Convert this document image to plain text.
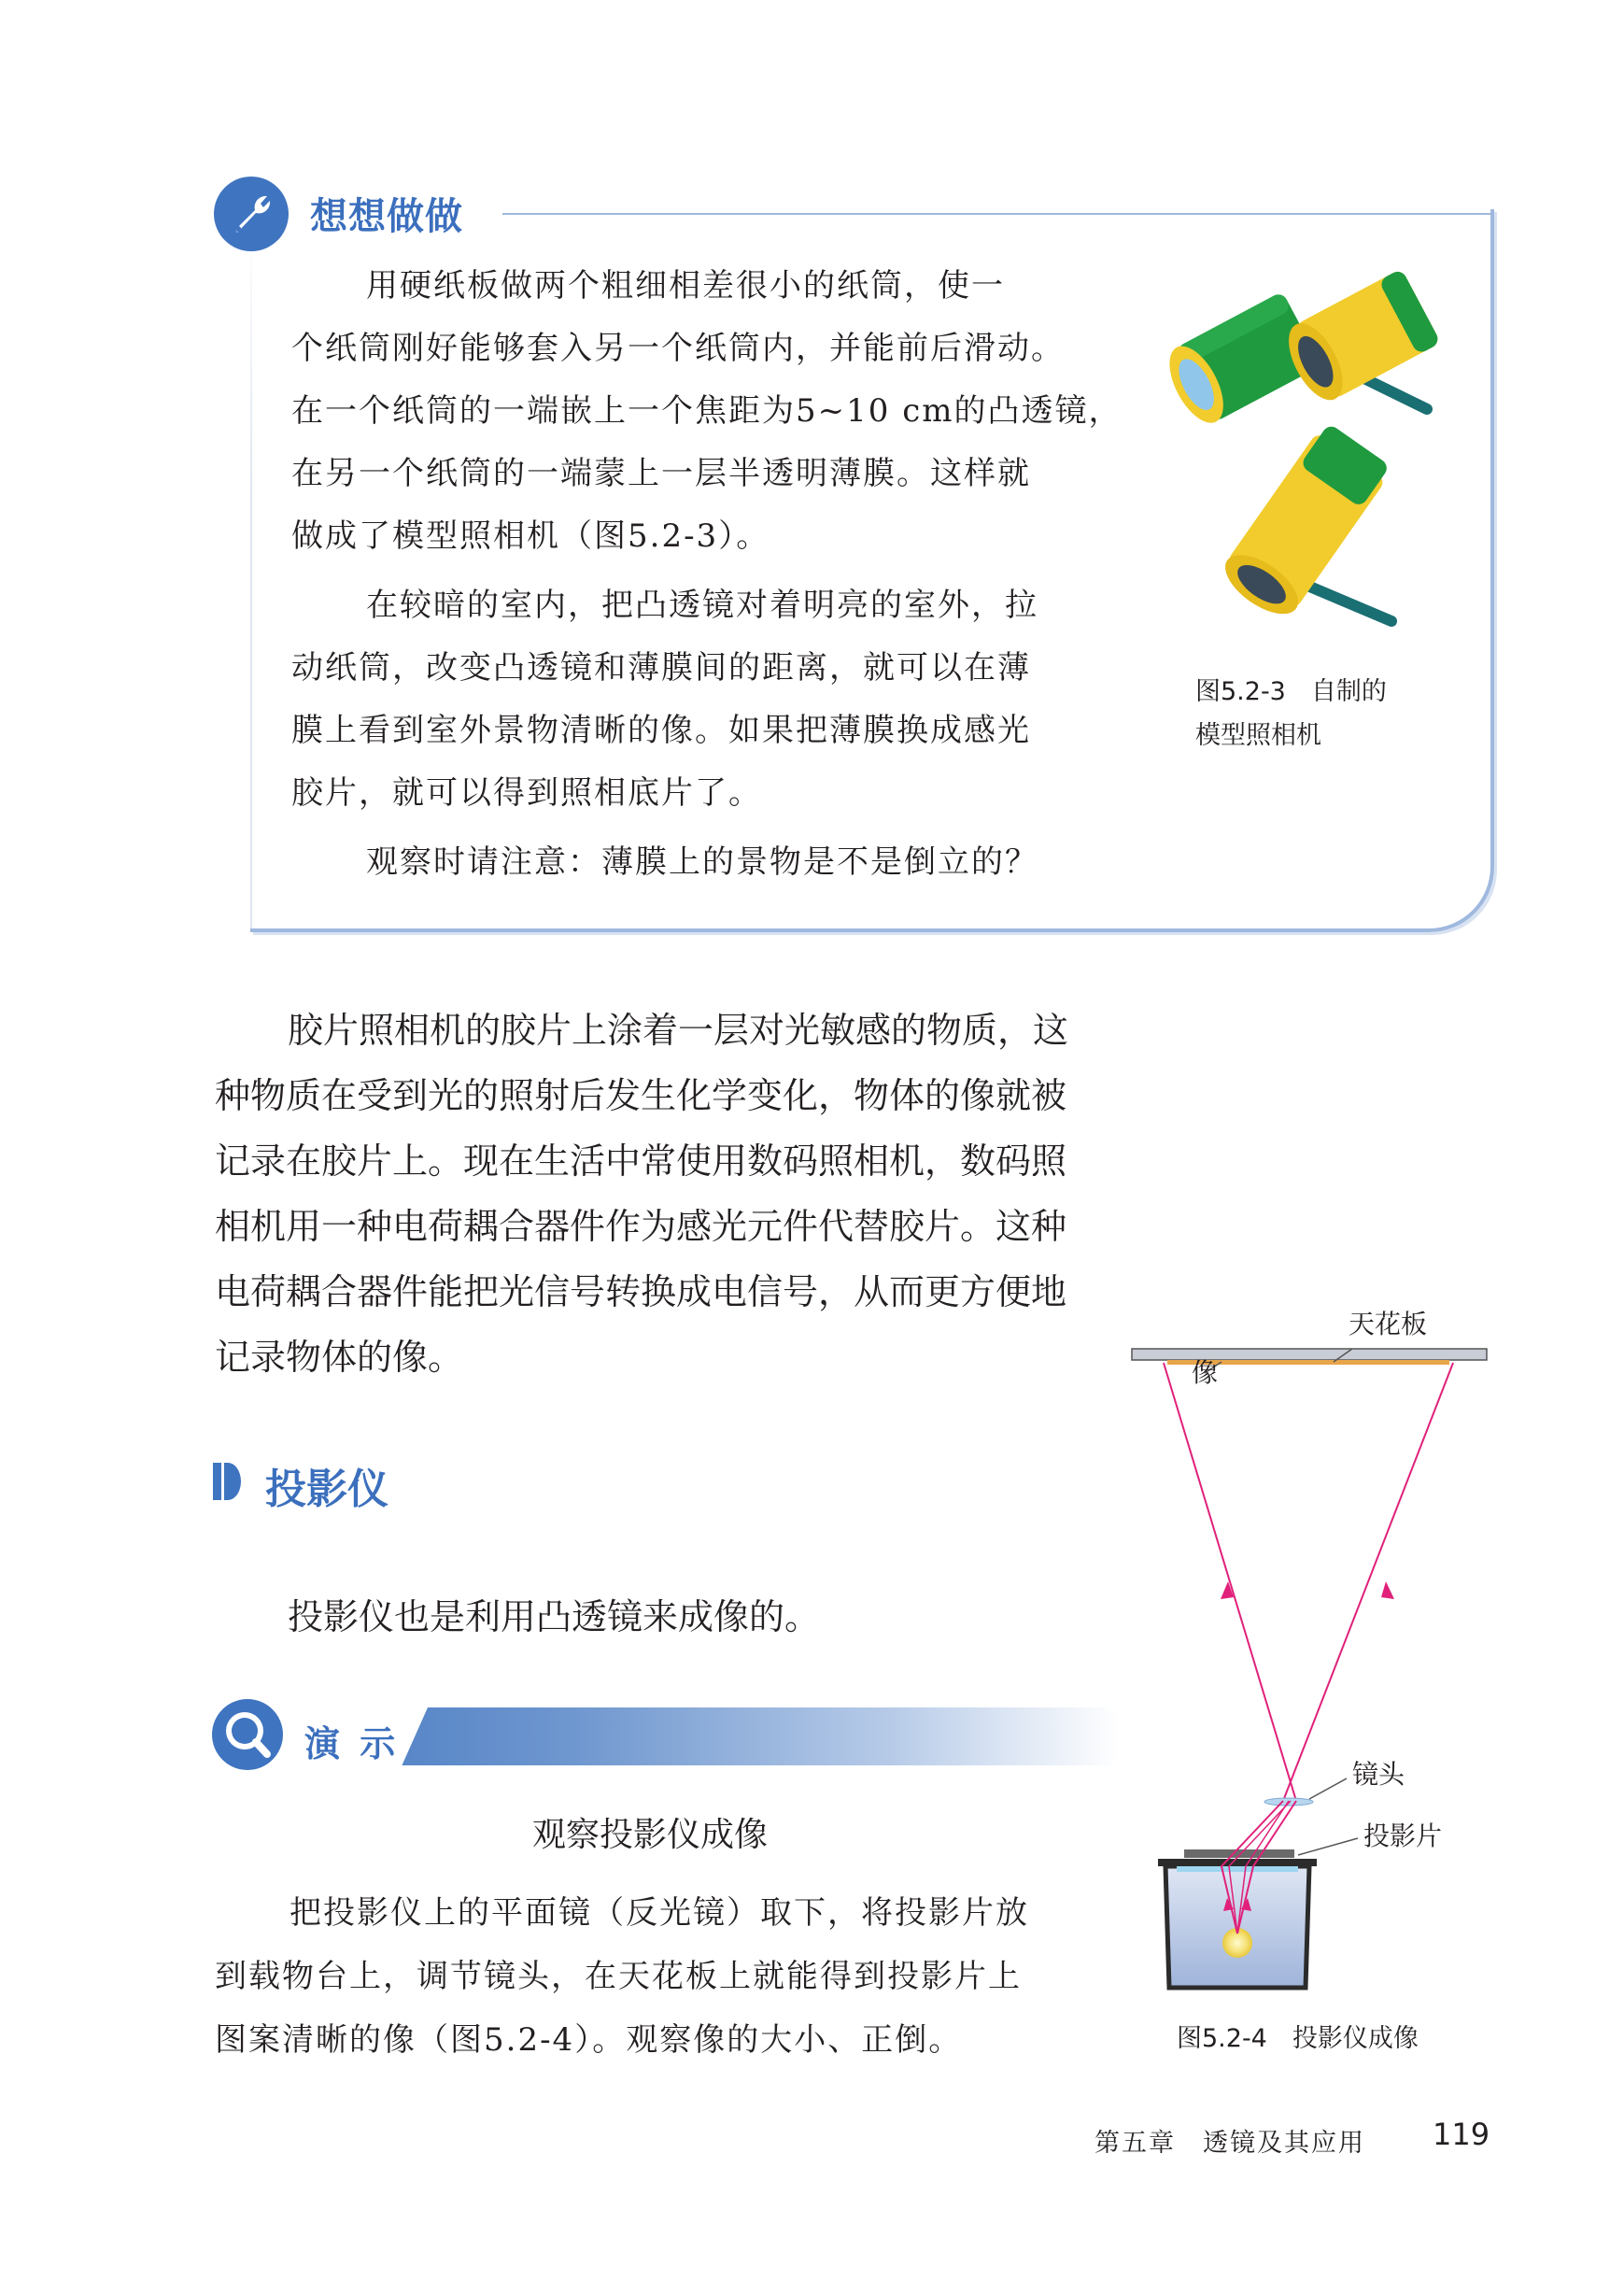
想想做做
用硬纸板做两个粗细相差很小的纸筒，使一
个纸筒刚好能够套入另一个纸筒内，并能前后滑动。
在一个纸筒的一端嵌上一个焦距为5~10 cm的凸透镜，
在另一个纸筒的一端蒙上一层半透明薄膜。这样就
做成了模型照相机（图5.2-3）。
在较暗的室内，把凸透镜对着明亮的室外，拉
动纸筒，改变凸透镜和薄膜间的距离，就可以在薄
膜上看到室外景物清晰的像。如果把薄膜换成感光
胶片，就可以得到照相底片了。
观察时请注意：薄膜上的景物是不是倒立的？
图5.2-3　自制的
模型照相机
胶片照相机的胶片上涂着一层对光敏感的物质，这
种物质在受到光的照射后发生化学变化，物体的像就被
记录在胶片上。现在生活中常使用数码照相机，数码照
相机用一种电荷耦合器件作为感光元件代替胶片。这种
电荷耦合器件能把光信号转换成电信号，从而更方便地
记录物体的像。
投影仪
投影仪也是利用凸透镜来成像的。
演 示
观察投影仪成像
把投影仪上的平面镜（反光镜）取下，将投影片放
到载物台上，调节镜头，在天花板上就能得到投影片上
图案清晰的像（图5.2-4）。观察像的大小、正倒。
天花板
像
镜头
投影片
图5.2-4　投影仪成像
第五章　透镜及其应用 119
